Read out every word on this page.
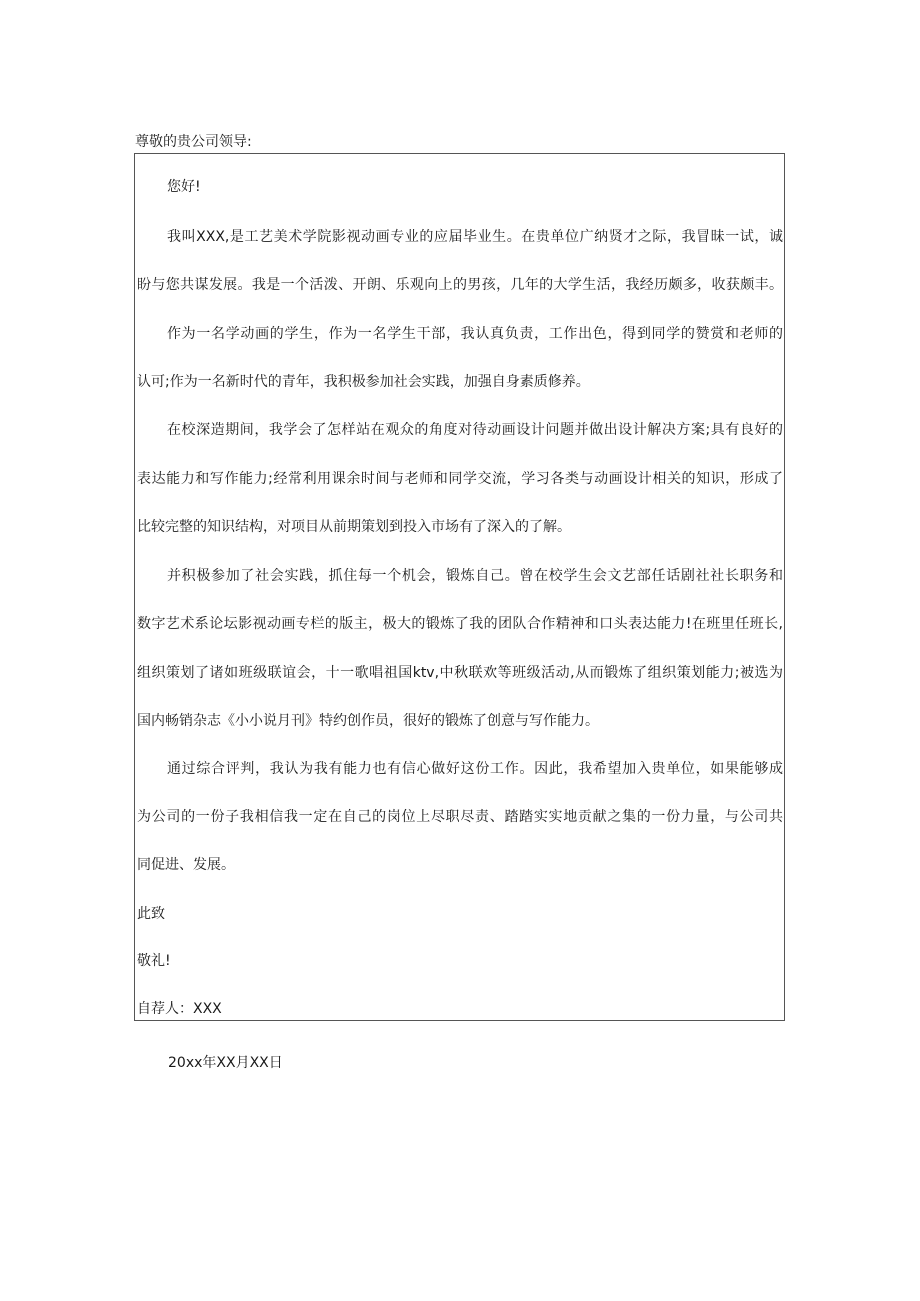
尊敬的贵公司领导:
您好!
我叫XXX,是工艺美术学院影视动画专业的应届毕业生。在贵单位广纳贤才之际，我冒昧一试，诚
盼与您共谋发展。我是一个活泼、开朗、乐观向上的男孩，几年的大学生活，我经历颇多，收获颇丰。
作为一名学动画的学生，作为一名学生干部，我认真负责，工作出色，得到同学的赞赏和老师的
认可;作为一名新时代的青年，我积极参加社会实践，加强自身素质修养。
在校深造期间，我学会了怎样站在观众的角度对待动画设计问题并做出设计解决方案;具有良好的
表达能力和写作能力;经常利用课余时间与老师和同学交流，学习各类与动画设计相关的知识，形成了
比较完整的知识结构，对项目从前期策划到投入市场有了深入的了解。
并积极参加了社会实践，抓住每一个机会，锻炼自己。曾在校学生会文艺部任话剧社社长职务和
数字艺术系论坛影视动画专栏的版主，极大的锻炼了我的团队合作精神和口头表达能力!在班里任班长,
组织策划了诸如班级联谊会，十一歌唱祖国ktv,中秋联欢等班级活动,从而锻炼了组织策划能力;被选为
国内畅销杂志《小小说月刊》特约创作员，很好的锻炼了创意与写作能力。
通过综合评判，我认为我有能力也有信心做好这份工作。因此，我希望加入贵单位，如果能够成
为公司的一份子我相信我一定在自己的岗位上尽职尽责、踏踏实实地贡献之集的一份力量，与公司共
同促进、发展。
此致
敬礼!
自荐人：XXX
20xx年XX月XX日
